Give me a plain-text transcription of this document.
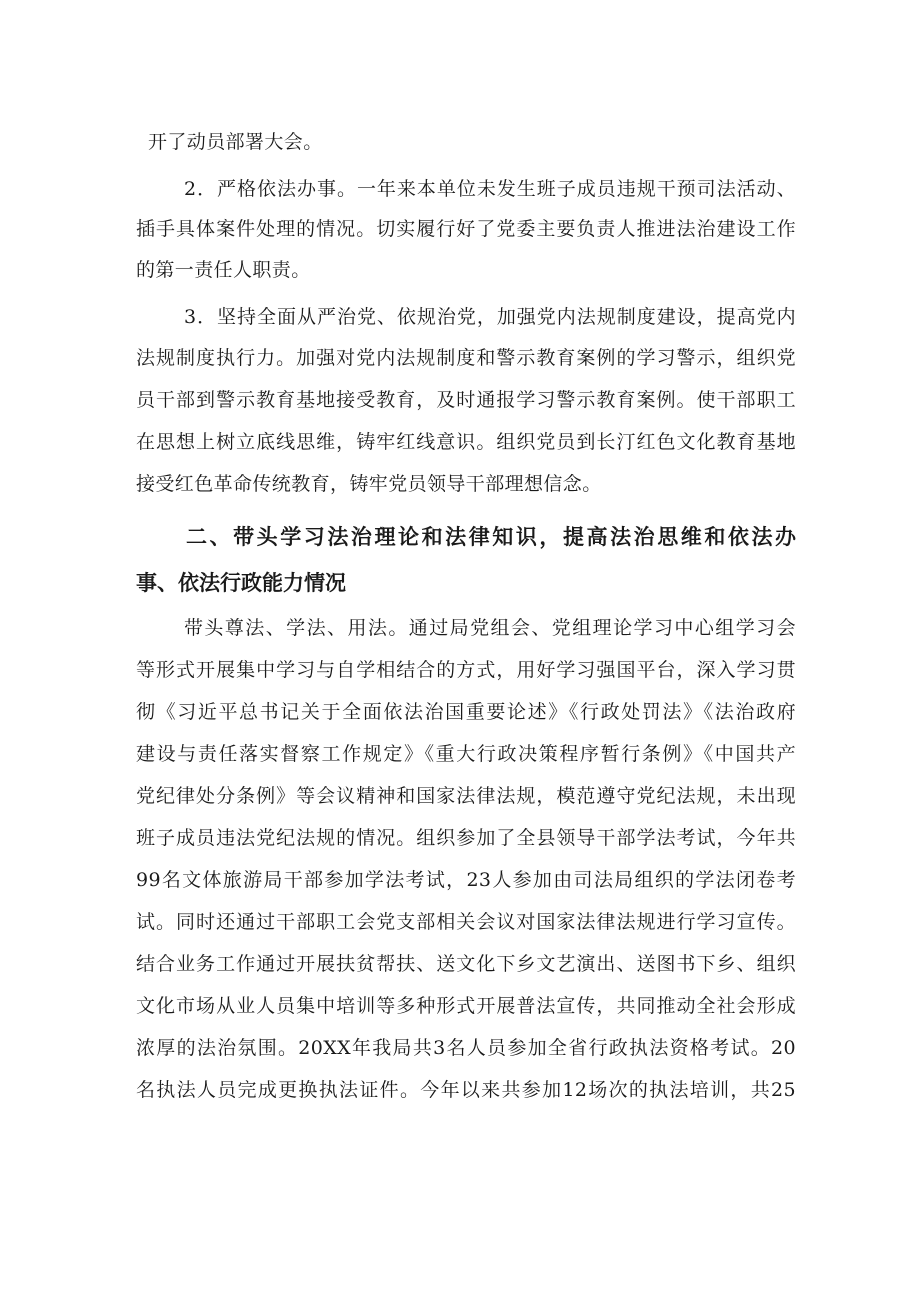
开了动员部署大会。
2．严格依法办事。一年来本单位未发生班子成员违规干预司法活动、
插手具体案件处理的情况。切实履行好了党委主要负责人推进法治建设工作
的第一责任人职责。
3．坚持全面从严治党、依规治党，加强党内法规制度建设，提高党内
法规制度执行力。加强对党内法规制度和警示教育案例的学习警示，组织党
员干部到警示教育基地接受教育，及时通报学习警示教育案例。使干部职工
在思想上树立底线思维，铸牢红线意识。组织党员到长汀红色文化教育基地
接受红色革命传统教育，铸牢党员领导干部理想信念。
二、带头学习法治理论和法律知识，提高法治思维和依法办
事、依法行政能力情况
带头尊法、学法、用法。通过局党组会、党组理论学习中心组学习会
等形式开展集中学习与自学相结合的方式，用好学习强国平台，深入学习贯
彻《习近平总书记关于全面依法治国重要论述》《行政处罚法》《法治政府
建设与责任落实督察工作规定》《重大行政决策程序暂行条例》《中国共产
党纪律处分条例》等会议精神和国家法律法规，模范遵守党纪法规，未出现
班子成员违法党纪法规的情况。组织参加了全县领导干部学法考试，今年共
99名文体旅游局干部参加学法考试，23人参加由司法局组织的学法闭卷考
试。同时还通过干部职工会党支部相关会议对国家法律法规进行学习宣传。
结合业务工作通过开展扶贫帮扶、送文化下乡文艺演出、送图书下乡、组织
文化市场从业人员集中培训等多种形式开展普法宣传，共同推动全社会形成
浓厚的法治氛围。20XX年我局共3名人员参加全省行政执法资格考试。20
名执法人员完成更换执法证件。今年以来共参加12场次的执法培训，共25
